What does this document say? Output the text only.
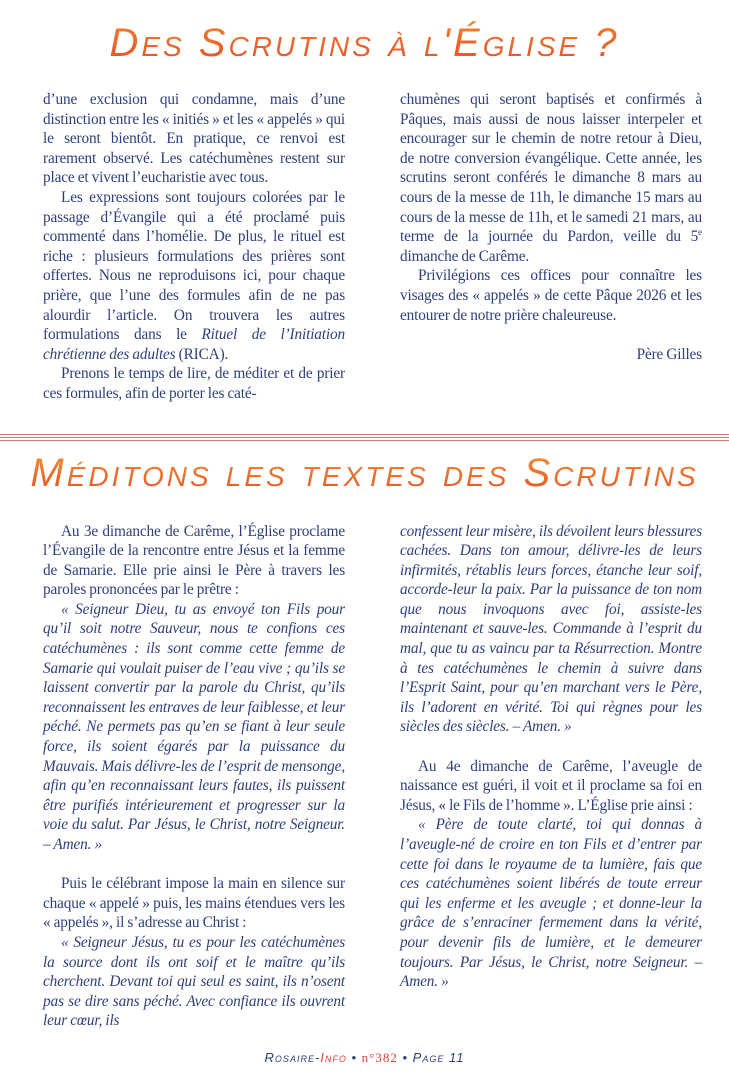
Des Scrutins à l'Église ?

d’une exclusion qui condamne, mais d’une distinction entre les « initiés » et les « appelés » qui le seront bientôt. En pratique, ce renvoi est rarement observé. Les catéchumènes restent sur place et vivent l’eucharistie avec tous.

Les expressions sont toujours colorées par le passage d’Évangile qui a été proclamé puis commenté dans l’homélie. De plus, le rituel est riche : plusieurs formulations des prières sont offertes. Nous ne reproduisons ici, pour chaque prière, que l’une des formules afin de ne pas alourdir l’article. On trouvera les autres formulations dans le Rituel de l’Initiation chrétienne des adultes (RICA).

Prenons le temps de lire, de méditer et de prier ces formules, afin de porter les caté-

chumènes qui seront baptisés et confirmés à Pâques, mais aussi de nous laisser interpeler et encourager sur le chemin de notre retour à Dieu, de notre conversion évangélique. Cette année, les scrutins seront conférés le dimanche 8 mars au cours de la messe de 11h, le dimanche 15 mars au cours de la messe de 11h, et le samedi 21 mars, au terme de la journée du Pardon, veille du 5e dimanche de Carême.

Privilégions ces offices pour connaître les visages des « appelés » de cette Pâque 2026 et les entourer de notre prière chaleureuse.

Père Gilles

Méditons les textes des Scrutins

Au 3e dimanche de Carême, l’Église proclame l’Évangile de la rencontre entre Jésus et la femme de Samarie. Elle prie ainsi le Père à travers les paroles prononcées par le prêtre :

« Seigneur Dieu, tu as envoyé ton Fils pour qu’il soit notre Sauveur, nous te confions ces catéchumènes : ils sont comme cette femme de Samarie qui voulait puiser de l’eau vive ; qu’ils se laissent convertir par la parole du Christ, qu’ils reconnaissent les entraves de leur faiblesse, et leur péché. Ne permets pas qu’en se fiant à leur seule force, ils soient égarés par la puissance du Mauvais. Mais délivre-les de l’esprit de mensonge, afin qu’en reconnaissant leurs fautes, ils puissent être purifiés intérieurement et progresser sur la voie du salut. Par Jésus, le Christ, notre Seigneur. – Amen. »

Puis le célébrant impose la main en silence sur chaque « appelé » puis, les mains étendues vers les « appelés », il s’adresse au Christ :

« Seigneur Jésus, tu es pour les catéchumènes la source dont ils ont soif et le maître qu’ils cherchent. Devant toi qui seul es saint, ils n’osent pas se dire sans péché. Avec confiance ils ouvrent leur cœur, ils

confessent leur misère, ils dévoilent leurs blessures cachées. Dans ton amour, délivre-les de leurs infirmités, rétablis leurs forces, étanche leur soif, accorde-leur la paix. Par la puissance de ton nom que nous invoquons avec foi, assiste-les maintenant et sauve-les. Commande à l’esprit du mal, que tu as vaincu par ta Résurrection. Montre à tes catéchumènes le chemin à suivre dans l’Esprit Saint, pour qu’en marchant vers le Père, ils l’adorent en vérité. Toi qui règnes pour les siècles des siècles. – Amen. »

Au 4e dimanche de Carême, l’aveugle de naissance est guéri, il voit et il proclame sa foi en Jésus, « le Fils de l’homme ». L’Église prie ainsi :

« Père de toute clarté, toi qui donnas à l’aveugle-né de croire en ton Fils et d’entrer par cette foi dans le royaume de ta lumière, fais que ces catéchumènes soient libérés de toute erreur qui les enferme et les aveugle ; et donne-leur la grâce de s’enraciner fermement dans la vérité, pour devenir fils de lumière, et le demeurer toujours. Par Jésus, le Christ, notre Seigneur. – Amen. »

Rosaire-Info • n°382 • Page 11
